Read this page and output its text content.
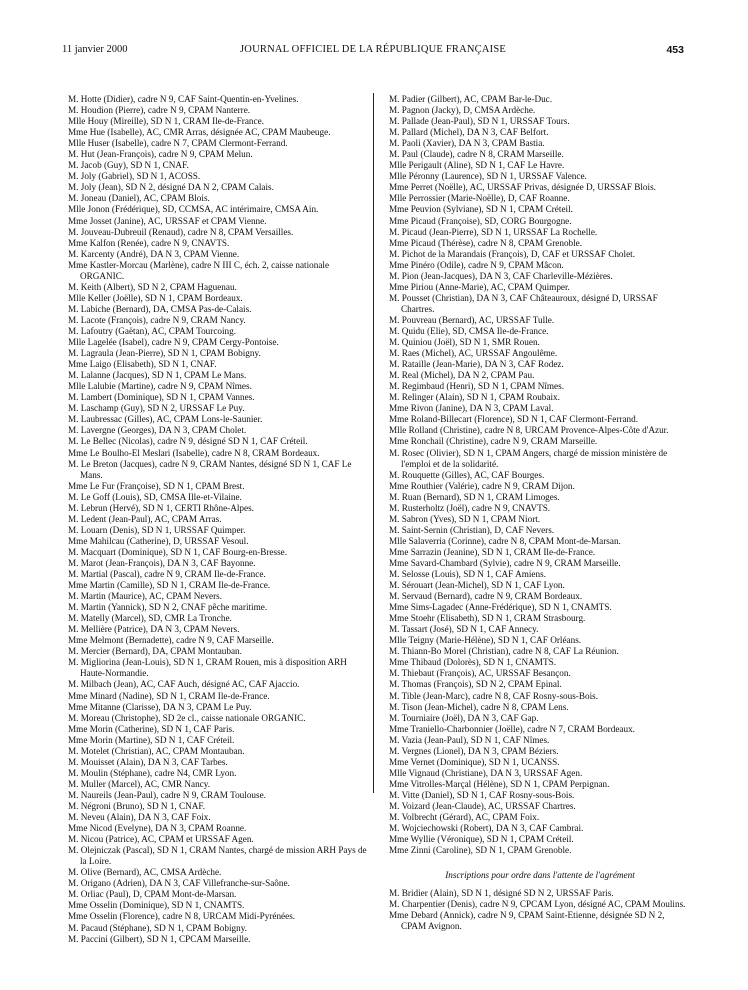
11 janvier 2000	JOURNAL OFFICIEL DE LA RÉPUBLIQUE FRANÇAISE	453

M. Hotte (Didier), cadre N 9, CAF Saint-Quentin-en-Yvelines.

M. Houdion (Pierre), cadre N 9, CPAM Nanterre.

Mlle Houy (Mireille), SD N 1, CRAM Ile-de-France.

Mme Hue (Isabelle), AC, CMR Arras, désignée AC, CPAM Maubeuge.

Mlle Huser (Isabelle), cadre N 7, CPAM Clermont-Ferrand.

M. Hut (Jean-François), cadre N 9, CPAM Melun.

M. Jacob (Guy), SD N 1, CNAF.

M. Joly (Gabriel), SD N 1, ACOSS.

M. Joly (Jean), SD N 2, désigné DA N 2, CPAM Calais.

M. Joneau (Daniel), AC, CPAM Blois.

Mlle Jonon (Frédérique), SD, CCMSA, AC intérimaire, CMSA Ain.

Mme Josset (Janine), AC, URSSAF et CPAM Vienne.

M. Jouveau-Dubreuil (Renaud), cadre N 8, CPAM Versailles.

Mme Kalfon (Renée), cadre N 9, CNAVTS.

M. Karcenty (André), DA N 3, CPAM Vienne.

Mme Kastler-Morcau (Marlène), cadre N III C, éch. 2, caisse nationale ORGANIC.

M. Keith (Albert), SD N 2, CPAM Haguenau.

Mlle Keller (Joëlle), SD N 1, CPAM Bordeaux.

M. Labiche (Bernard), DA, CMSA Pas-de-Calais.

M. Lacote (François), cadre N 9, CRAM Nancy.

M. Lafoutry (Gaëtan), AC, CPAM Tourcoing.

Mlle Lagelée (Isabel), cadre N 9, CPAM Cergy-Pontoise.

M. Lagraula (Jean-Pierre), SD N 1, CPAM Bobigny.

Mme Laigo (Elisabeth), SD N 1, CNAF.

M. Lalanne (Jacques), SD N 1, CPAM Le Mans.

Mlle Lalubie (Martine), cadre N 9, CPAM Nîmes.

M. Lambert (Dominique), SD N 1, CPAM Vannes.

M. Laschamp (Guy), SD N 2, URSSAF Le Puy.

M. Laubressac (Gilles), AC, CPAM Lons-le-Saunier.

M. Lavergne (Georges), DA N 3, CPAM Cholet.

M. Le Bellec (Nicolas), cadre N 9, désigné SD N 1, CAF Créteil.

Mme Le Boulho-El Meslari (Isabelle), cadre N 8, CRAM Bordeaux.

M. Le Breton (Jacques), cadre N 9, CRAM Nantes, désigné SD N 1, CAF Le Mans.

Mme Le Fur (Françoise), SD N 1, CPAM Brest.

M. Le Goff (Louis), SD, CMSA Ille-et-Vilaine.

M. Lebrun (Hervé), SD N 1, CERTI Rhône-Alpes.

M. Ledent (Jean-Paul), AC, CPAM Arras.

M. Louarn (Denis), SD N 1, URSSAF Quimper.

Mme Mahilcau (Catherine), D, URSSAF Vesoul.

M. Macquart (Dominique), SD N 1, CAF Bourg-en-Bresse.

M. Marot (Jean-François), DA N 3, CAF Bayonne.

M. Martial (Pascal), cadre N 9, CRAM Ile-de-France.

Mme Martin (Camille), SD N 1, CRAM Ile-de-France.

M. Martin (Maurice), AC, CPAM Nevers.

M. Martin (Yannick), SD N 2, CNAF pêche maritime.

M. Matelly (Marcel), SD, CMR La Tronche.

M. Mellière (Patrice), DA N 3, CPAM Nevers.

Mme Melmont (Bernadette), cadre N 9, CAF Marseille.

M. Mercier (Bernard), DA, CPAM Montauban.

M. Migliorina (Jean-Louis), SD N 1, CRAM Rouen, mis à disposition ARH Haute-Normandie.

M. Milbach (Jean), AC, CAF Auch, désigné AC, CAF Ajaccio.

Mme Minard (Nadine), SD N 1, CRAM Ile-de-France.

Mme Mitanne (Clarisse), DA N 3, CPAM Le Puy.

M. Moreau (Christophe), SD 2e cl., caisse nationale ORGANIC.

Mme Morin (Catherine), SD N 1, CAF Paris.

Mme Morin (Martine), SD N 1, CAF Créteil.

M. Motelet (Christian), AC, CPAM Montauban.

M. Mouisset (Alain), DA N 3, CAF Tarbes.

M. Moulin (Stéphane), cadre N4, CMR Lyon.

M. Muller (Marcel), AC, CMR Nancy.

M. Naureils (Jean-Paul), cadre N 9, CRAM Toulouse.

M. Négroni (Bruno), SD N 1, CNAF.

M. Neveu (Alain), DA N 3, CAF Foix.

Mme Nicod (Evelyne), DA N 3, CPAM Roanne.

M. Nicou (Patrice), AC, CPAM et URSSAF Agen.

M. Olejniczak (Pascal), SD N 1, CRAM Nantes, chargé de mission ARH Pays de la Loire.

M. Olive (Bernard), AC, CMSA Ardèche.

M. Origano (Adrien), DA N 3, CAF Villefranche-sur-Saône.

M. Orliac (Paul), D, CPAM Mont-de-Marsan.

Mme Osselin (Dominique), SD N 1, CNAMTS.

Mme Osselin (Florence), cadre N 8, URCAM Midi-Pyrénées.

M. Pacaud (Stéphane), SD N 1, CPAM Bobigny.

M. Paccini (Gilbert), SD N 1, CPCAM Marseille.

M. Padier (Gilbert), AC, CPAM Bar-le-Duc.

M. Pagnon (Jacky), D, CMSA Ardèche.

M. Pallade (Jean-Paul), SD N 1, URSSAF Tours.

M. Pallard (Michel), DA N 3, CAF Belfort.

M. Paoli (Xavier), DA N 3, CPAM Bastia.

M. Paul (Claude), cadre N 8, CRAM Marseille.

Mlle Perigault (Aline), SD N 1, CAF Le Havre.

Mlle Péronny (Laurence), SD N 1, URSSAF Valence.

Mme Perret (Noëlle), AC, URSSAF Privas, désignée D, URSSAF Blois.

Mlle Perrossier (Marie-Noëlle), D, CAF Roanne.

Mme Peuvion (Sylviane), SD N 1, CPAM Créteil.

Mme Picaud (Françoise), SD, CORG Bourgogne.

M. Picaud (Jean-Pierre), SD N 1, URSSAF La Rochelle.

Mme Picaud (Thérèse), cadre N 8, CPAM Grenoble.

M. Pichot de la Marandais (François), D, CAF et URSSAF Cholet.

Mme Pinéro (Odile), cadre N 9, CPAM Mâcon.

M. Pion (Jean-Jacques), DA N 3, CAF Charleville-Mézières.

Mme Piriou (Anne-Marie), AC, CPAM Quimper.

M. Pousset (Christian), DA N 3, CAF Châteauroux, désigné D, URSSAF Chartres.

M. Pouvreau (Bernard), AC, URSSAF Tulle.

M. Quidu (Elie), SD, CMSA Ile-de-France.

M. Quiniou (Joël), SD N 1, SMR Rouen.

M. Raes (Michel), AC, URSSAF Angoulême.

M. Rataille (Jean-Marie), DA N 3, CAF Rodez.

M. Real (Michel), DA N 2, CPAM Pau.

M. Regimbaud (Henri), SD N 1, CPAM Nîmes.

M. Relinger (Alain), SD N 1, CPAM Roubaix.

Mme Rivon (Janine), DA N 3, CPAM Laval.

Mme Roland-Billecart (Florence), SD N 1, CAF Clermont-Ferrand.

Mlle Rolland (Christine), cadre N 8, URCAM Provence-Alpes-Côte d'Azur.

Mme Ronchail (Christine), cadre N 9, CRAM Marseille.

M. Rosec (Olivier), SD N 1, CPAM Angers, chargé de mission ministère de l'emploi et de la solidarité.

M. Rouquette (Gilles), AC, CAF Bourges.

Mme Routhier (Valérie), cadre N 9, CRAM Dijon.

M. Ruan (Bernard), SD N 1, CRAM Limoges.

M. Rusterholtz (Joël), cadre N 9, CNAVTS.

M. Sabron (Yves), SD N 1, CPAM Niort.

M. Saint-Sernin (Christian), D, CAF Nevers.

Mlle Salaverria (Corinne), cadre N 8, CPAM Mont-de-Marsan.

Mme Sarrazin (Jeanine), SD N 1, CRAM Ile-de-France.

Mme Savard-Chambard (Sylvie), cadre N 9, CRAM Marseille.

M. Selosse (Louis), SD N 1, CAF Amiens.

M. Sérouart (Jean-Michel), SD N 1, CAF Lyon.

M. Servaud (Bernard), cadre N 9, CRAM Bordeaux.

Mme Sims-Lagadec (Anne-Frédérique), SD N 1, CNAMTS.

Mme Stoehr (Elisabeth), SD N 1, CRAM Strasbourg.

M. Tassart (José), SD N 1, CAF Annecy.

Mlle Teigny (Marie-Hélène), SD N 1, CAF Orléans.

M. Thiann-Bo Morel (Christian), cadre N 8, CAF La Réunion.

Mme Thibaud (Dolorès), SD N 1, CNAMTS.

M. Thiebaut (François), AC, URSSAF Besançon.

M. Thomas (François), SD N 2, CPAM Epinal.

M. Tible (Jean-Marc), cadre N 8, CAF Rosny-sous-Bois.

M. Tison (Jean-Michel), cadre N 8, CPAM Lens.

M. Tourniaire (Joël), DA N 3, CAF Gap.

Mme Traniello-Charbonnier (Joëlle), cadre N 7, CRAM Bordeaux.

M. Vazia (Jean-Paul), SD N 1, CAF Nîmes.

M. Vergnes (Lionel), DA N 3, CPAM Béziers.

Mme Vernet (Dominique), SD N 1, UCANSS.

Mlle Vignaud (Christiane), DA N 3, URSSAF Agen.

Mme Vitrolles-Marçal (Hélène), SD N 1, CPAM Perpignan.

M. Vitte (Daniel), SD N 1, CAF Rosny-sous-Bois.

M. Voizard (Jean-Claude), AC, URSSAF Chartres.

M. Volbrecht (Gérard), AC, CPAM Foix.

M. Wojciechowski (Robert), DA N 3, CAF Cambrai.

Mme Wyllie (Véronique), SD N 1, CPAM Créteil.

Mme Zinni (Caroline), SD N 1, CPAM Grenoble.

Inscriptions pour ordre dans l'attente de l'agrément

M. Bridier (Alain), SD N 1, désigné SD N 2, URSSAF Paris.

M. Charpentier (Denis), cadre N 9, CPCAM Lyon, désigné AC, CPAM Moulins.

Mme Debard (Annick), cadre N 9, CPAM Saint-Etienne, désignée SD N 2, CPAM Avignon.
